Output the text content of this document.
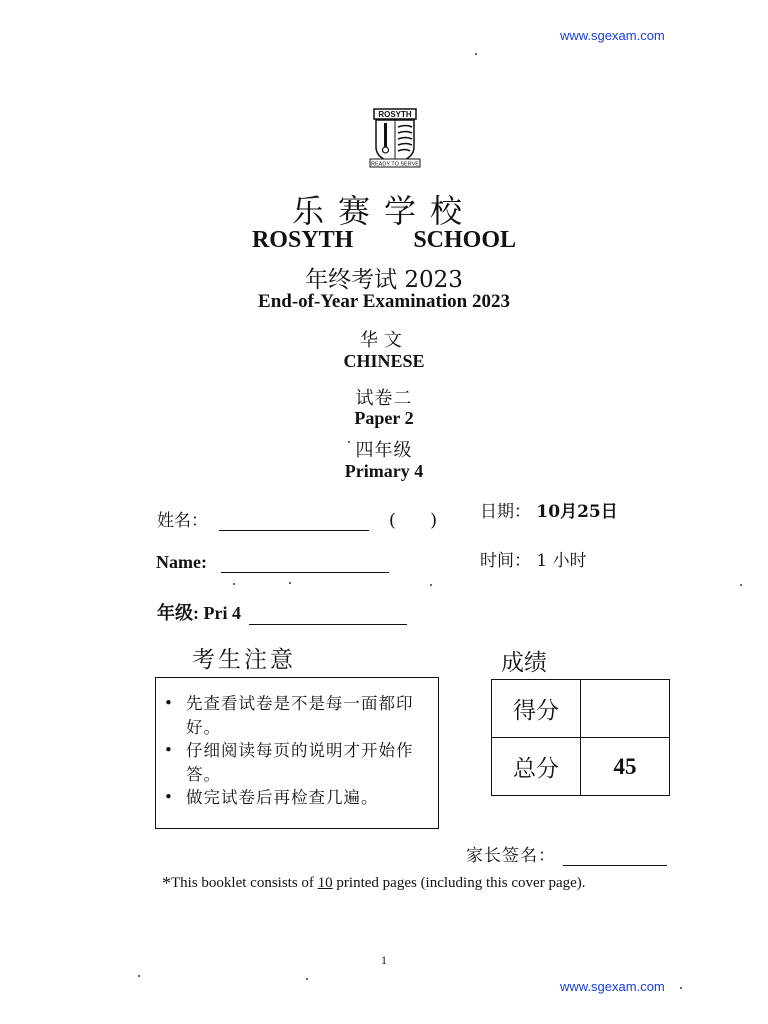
www.sgexam.com
ROSYTH
READY TO SERVE
乐赛学校
ROSYTH   SCHOOL
年终考试 2023
End-of-Year Examination 2023
华文
CHINESE
试卷二
Paper 2
四年级
Primary 4
姓名：	(      )
Name:
年级: Pri 4
日期： 10月25日
时间： 1 小时
考生注意
• 先查看试卷是不是每一面都印好。
• 仔细阅读每页的说明才开始作答。
• 做完试卷后再检查几遍。
成绩
得分	
总分	45
家长签名：
*This booklet consists of 10 printed pages (including this cover page).
1
www.sgexam.com
